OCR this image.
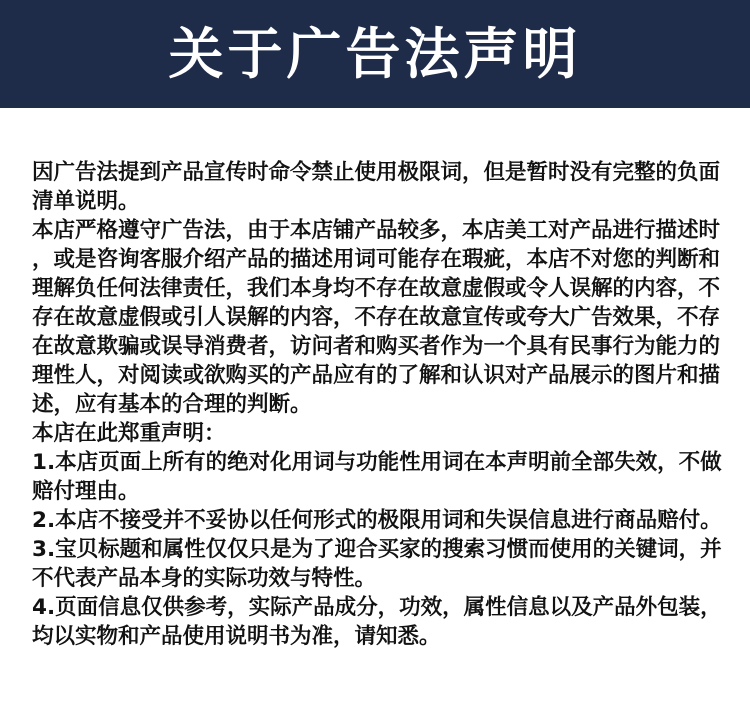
关于广告法声明

因广告法提到产品宣传时命令禁止使用极限词，但是暂时没有完整的负面清单说明。

本店严格遵守广告法，由于本店铺产品较多，本店美工对产品进行描述时，或是咨询客服介绍产品的描述用词可能存在瑕疵，本店不对您的判断和理解负任何法律责任，我们本身均不存在故意虚假或令人误解的内容，不存在故意虚假或引人误解的内容，不存在故意宣传或夸大广告效果，不存在故意欺骗或误导消费者，访问者和购买者作为一个具有民事行为能力的理性人，对阅读或欲购买的产品应有的了解和认识对产品展示的图片和描述，应有基本的合理的判断。

本店在此郑重声明：

1.本店页面上所有的绝对化用词与功能性用词在本声明前全部失效，不做赔付理由。

2.本店不接受并不妥协以任何形式的极限用词和失误信息进行商品赔付。

3.宝贝标题和属性仅仅只是为了迎合买家的搜索习惯而使用的关键词，并不代表产品本身的实际功效与特性。

4.页面信息仅供参考，实际产品成分，功效，属性信息以及产品外包装，均以实物和产品使用说明书为准，请知悉。
